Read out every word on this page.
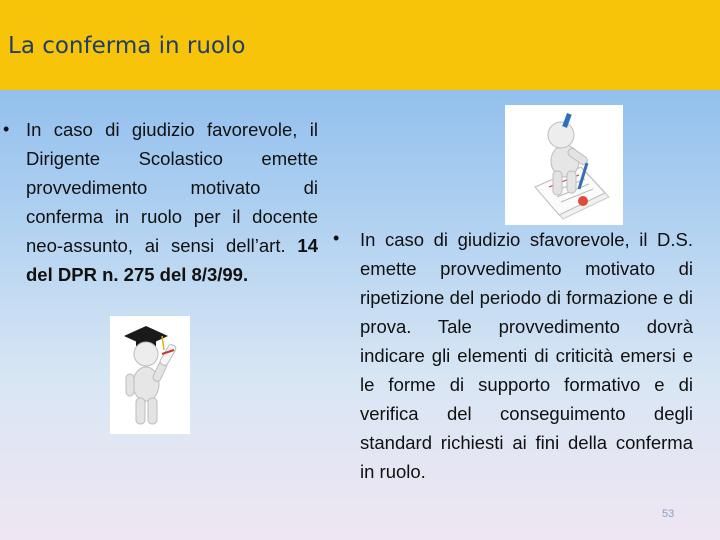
La conferma in ruolo
• In caso di giudizio favorevole, il Dirigente Scolastico emette provvedimento motivato di conferma in ruolo per il docente neo-assunto, ai sensi dell’art. 14 del DPR n. 275 del 8/3/99.
• In caso di giudizio sfavorevole, il D.S. emette provvedimento motivato di ripetizione del periodo di formazione e di prova. Tale provvedimento dovrà indicare gli elementi di criticità emersi e le forme di supporto formativo e di verifica del conseguimento degli standard richiesti ai fini della conferma in ruolo.
53
